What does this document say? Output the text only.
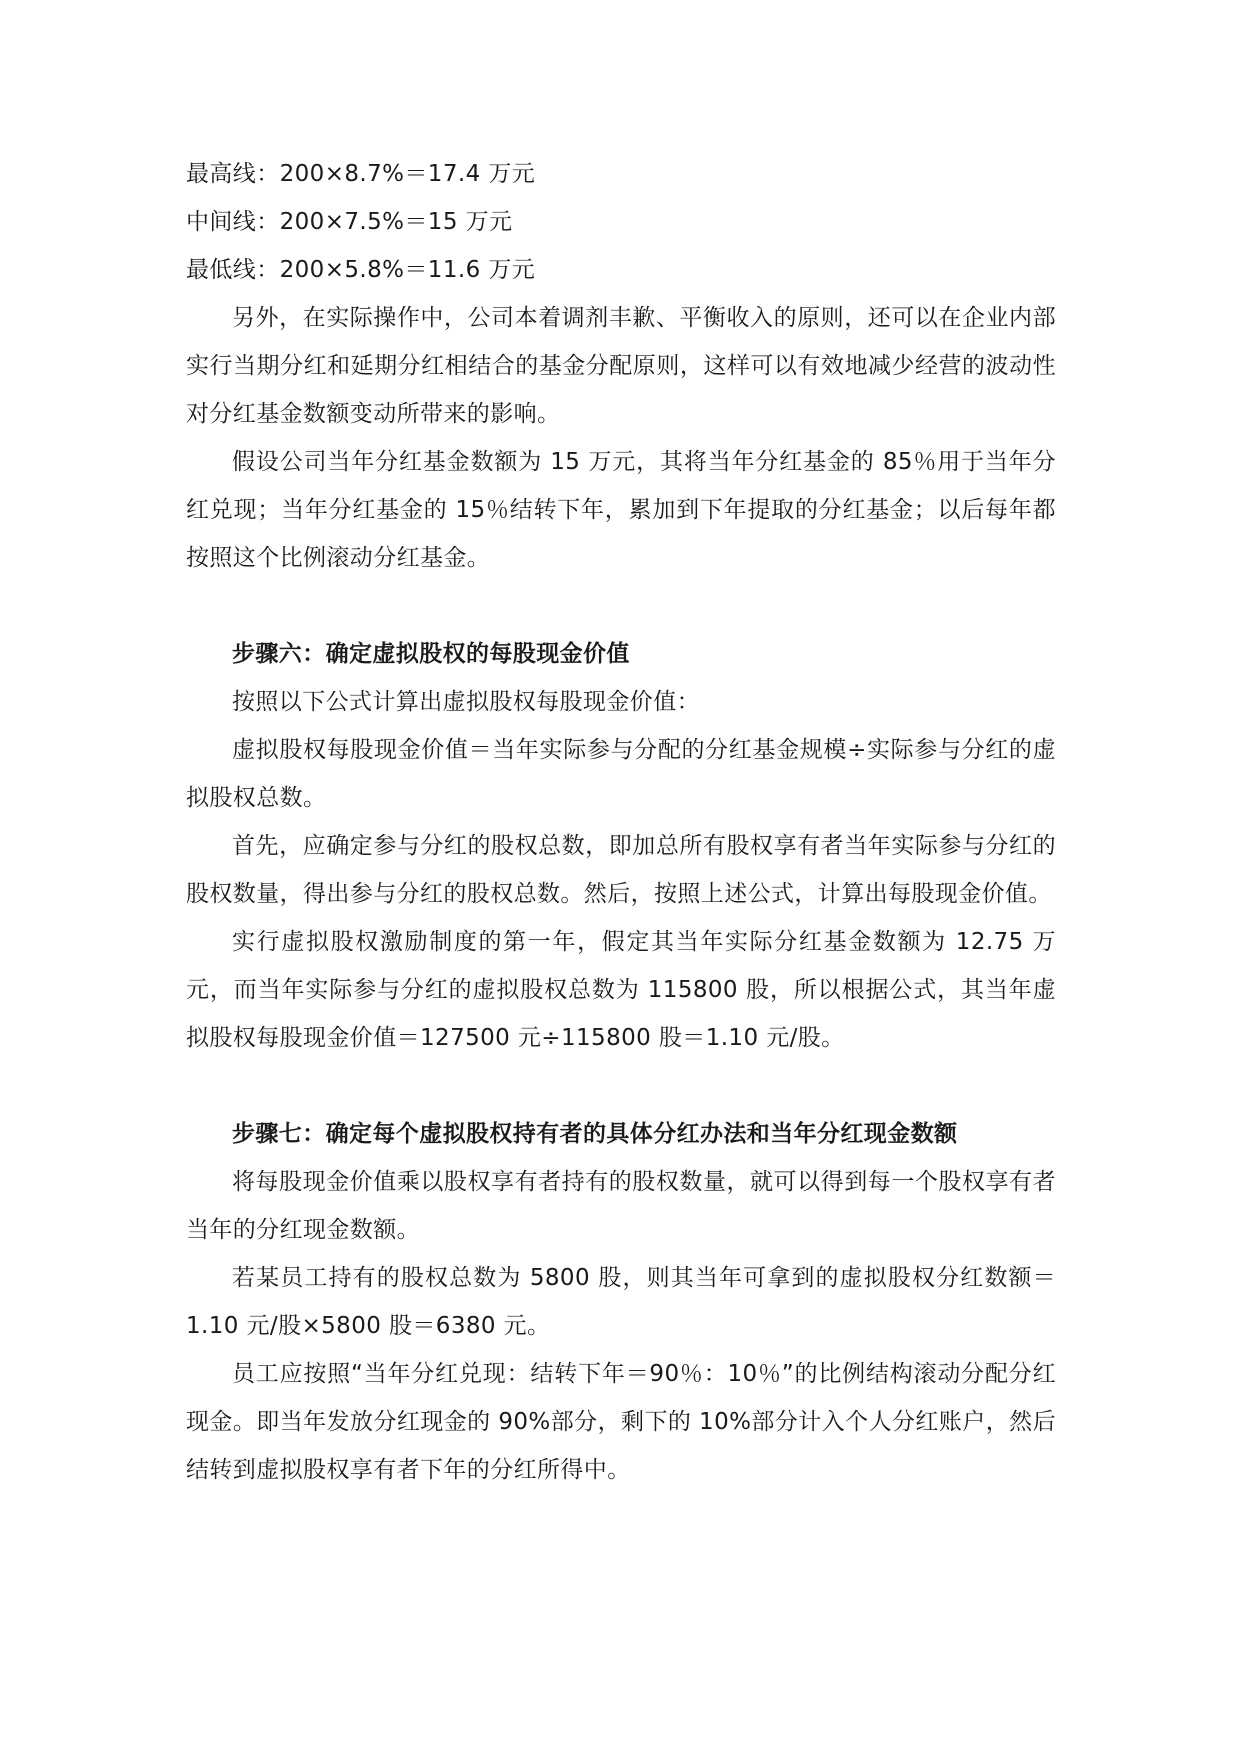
最高线：200×8.7%＝17.4 万元
中间线：200×7.5%＝15 万元
最低线：200×5.8%＝11.6 万元

另外，在实际操作中，公司本着调剂丰歉、平衡收入的原则，还可以在企业内部实行当期分红和延期分红相结合的基金分配原则，这样可以有效地减少经营的波动性对分红基金数额变动所带来的影响。

假设公司当年分红基金数额为 15 万元，其将当年分红基金的 85％用于当年分红兑现；当年分红基金的 15％结转下年，累加到下年提取的分红基金；以后每年都按照这个比例滚动分红基金。

步骤六：确定虚拟股权的每股现金价值

按照以下公式计算出虚拟股权每股现金价值：

虚拟股权每股现金价值＝当年实际参与分配的分红基金规模÷实际参与分红的虚拟股权总数。

首先，应确定参与分红的股权总数，即加总所有股权享有者当年实际参与分红的股权数量，得出参与分红的股权总数。然后，按照上述公式，计算出每股现金价值。

实行虚拟股权激励制度的第一年，假定其当年实际分红基金数额为 12.75 万元，而当年实际参与分红的虚拟股权总数为 115800 股，所以根据公式，其当年虚拟股权每股现金价值＝127500 元÷115800 股＝1.10 元/股。

步骤七：确定每个虚拟股权持有者的具体分红办法和当年分红现金数额

将每股现金价值乘以股权享有者持有的股权数量，就可以得到每一个股权享有者当年的分红现金数额。

若某员工持有的股权总数为 5800 股，则其当年可拿到的虚拟股权分红数额＝1.10 元/股×5800 股＝6380 元。

员工应按照“当年分红兑现：结转下年＝90％：10％”的比例结构滚动分配分红现金。即当年发放分红现金的 90%部分，剩下的 10%部分计入个人分红账户，然后结转到虚拟股权享有者下年的分红所得中。
